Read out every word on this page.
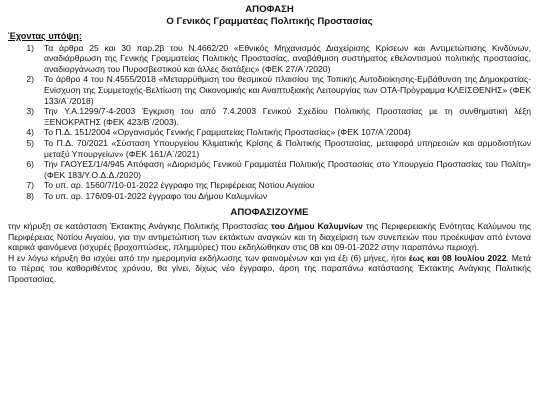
ΑΠΟΦΑΣΗ
Ο Γενικός Γραμματέας Πολιτικής Προστασίας
Έχοντας υπόψη:
1)	Τα άρθρα 25 και 30 παρ.2β του Ν.4662/20 «Εθνικός Μηχανισμός Διαχείρισης Κρίσεων και Αντιμετώπισης Κινδύνων, αναδιάρθρωση της Γενικής Γραμματείας Πολιτικής Προστασίας, αναβάθμιση συστήματος εθελοντισμού πολιτικής προστασίας, αναδιοργάνωση του Πυροσβεστικού και άλλες διατάξεις» (ΦΕΚ 27/Α΄/2020)
2)	Το άρθρο 4 του Ν.4555/2018 «Μεταρρύθμιση του θεσμικού πλαισίου της Τοπικής Αυτοδιοίκησης-Εμβάθυνση της Δημοκρατίας-Ενίσχυση της Συμμετοχής-Βελτίωση της Οικονομικής και Αναπτυξιακής Λειτουργίας των ΟΤΑ-Πρόγραμμα ΚΛΕΙΣΘΕΝΗΣ» (ΦΕΚ 133/Α΄/2018)
3)	Την Υ.Α.1299/7-4-2003 Έγκριση του από 7.4.2003 Γενικού Σχεδίου Πολιτικής Προστασίας με τη συνθηματική λέξη ΞΕΝΟΚΡΑΤΗΣ (ΦΕΚ 423/Β΄/2003).
4)	Το Π.Δ. 151/2004 «Οργανισμός Γενικής Γραμματείας Πολιτικής Προστασίας» (ΦΕΚ 107/Α΄/2004)
5)	Το Π.Δ. 70/2021 «Σύσταση Υπουργείου Κλιματικής Κρίσης & Πολιτικής Προστασίας, μεταφορά υπηρεσιών και αρμοδιοτήτων μεταξύ Υπουργείων» (ΦΕΚ 161/Α΄/2021)
6)	Την ΓΑΟΥΕΣ/1/4/945 Απόφαση «Διορισμός Γενικού Γραμματέα Πολιτικής Προστασίας στο Υπουργείο Προστασίας του Πολίτη» (ΦΕΚ 183/Υ.Ο.Δ.Δ./2020)
7)	Το υπ. αρ. 1560/7/10-01-2022 έγγραφο της Περιφέρειας Νοτίου Αιγαίου
8)	Το υπ. αρ. 176/09-01-2022 έγγραφο του Δήμου Καλυμνίων
ΑΠΟΦΑΣΙΖΟΥΜΕ

την κήρυξη σε κατάσταση Έκτακτης Ανάγκης Πολιτικής Προστασίας του Δήμου Καλυμνίων της Περιφερειακής Ενότητας Καλύμνου της Περιφέρειας Νοτίου Αιγαίου, για την αντιμετώπιση των εκτάκτων αναγκών και τη διαχείριση των συνεπειών που προέκυψαν από έντονα καιρικά φαινόμενα (ισχυρές βροχοπτώσεις, πλημμύρες) που εκδηλώθηκαν στις 08 και 09-01-2022 στην παραπάνω περιοχή.

Η εν λόγω κήρυξη θα ισχύει από την ημερομηνία εκδήλωσης των φαινομένων και για έξι (6) μήνες, ήτοι έως και 08 Ιουλίου 2022. Μετά το πέρας του καθοριθέντος χρόνου, θα γίνει, δίχως νέο έγγραφο, άρση της παραπάνω κατάστασης Έκτακτης Ανάγκης Πολιτικής Προστασίας.
